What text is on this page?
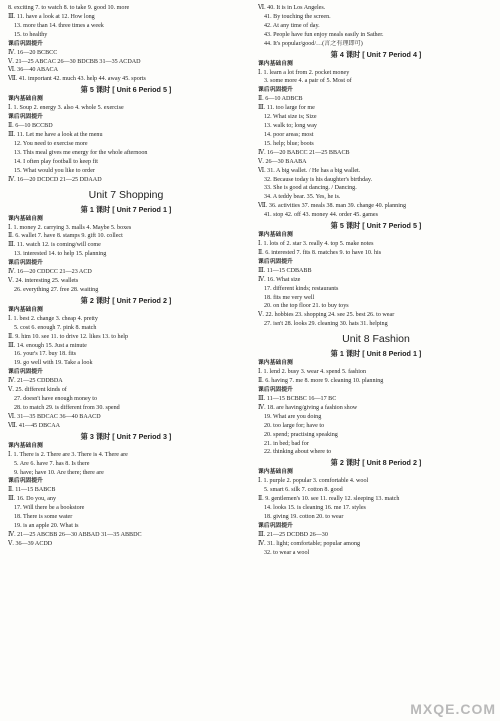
8. exciting 7. to watch 8. to take 9. good 10. more
Ⅲ. 11. have a look at 12. How long
13. more than 14. three times a week
15. to healthy
课后巩固提升
Ⅳ. 16—20 BCBCC
Ⅴ. 21—25 ABCAC 26—30 BDCBB 31—35 ACDAD
Ⅵ. 36—40 ABACA
Ⅶ. 41. important 42. much 43. help 44. away 45. sports
第 5 课时 [ Unit 6 Period 5 ]
课内基础自测
Ⅰ. 1. Soup 2. energy 3. also 4. whole 5. exercise
课后巩固提升
Ⅱ. 6—10 BCCBD
Ⅲ. 11. Let me have a look at the menu
12. You need to exercise more
13. This meal gives me energy for the whole afternoon
14. I often play football to keep fit
15. What would you like to order
Ⅳ. 16—20 DCDCD 21—25 DDAAD
Unit 7 Shopping
第 1 课时 [ Unit 7 Period 1 ]
课内基础自测
Ⅰ. 1. money 2. carrying 3. malls 4. Maybe 5. boxes
Ⅱ. 6. wallet 7. have 8. stamps 9. gift 10. collect
Ⅲ. 11. watch 12. is coming/will come
13. interested 14. to help 15. planning
课后巩固提升
Ⅳ. 16—20 CDDCC 21—23 ACD
Ⅴ. 24. interesting 25. wallets
26. everything 27. free 28. waiting
第 2 课时 [ Unit 7 Period 2 ]
课内基础自测
Ⅰ. 1. best 2. change 3. cheap 4. pretty
5. cost 6. enough 7. pink 8. match
Ⅱ. 9. him 10. see 11. to drive 12. likes 13. to help
Ⅲ. 14. enough 15. Just a minute
16. your's 17. buy 18. fits
19. go well with 19. Take a look
课后巩固提升
Ⅳ. 21—25 CDDBDA
Ⅴ. 25. different kinds of
27. doesn't have enough money to
28. to match 29. is different from 30. spend
Ⅵ. 31—35 BDCAC 36—40 BAACD
Ⅶ. 41—45 DBCAA
第 3 课时 [ Unit 7 Period 3 ]
课内基础自测
Ⅰ. 1. There is 2. There are 3. There is 4. There are
5. Are 6. have 7. has 8. Is there
9. have; have 10. Are there; there are
课后巩固提升
Ⅱ. 11—15 BABCB
Ⅲ. 16. Do you, any
17. Will there be a bookstore
18. There is some water
19. is an apple 20. What is
Ⅳ. 21—25 ABCBB 26—30 ABBAD 31—35 ABBDC
Ⅴ. 36—39 ACDD
Ⅵ. 40. It is in Los Angeles.
41. By touching the screen.
42. At any time of day.
43. People have fun enjoy meals easily in Sather.
44. It's popular/good/…(言之有理即可)
第 4 课时 [ Unit 7 Period 4 ]
课内基础自测
Ⅰ. 1. learn a lot from 2. pocket money
3. some more 4. a pair of 5. Most of
课后巩固提升
Ⅱ. 6—10 ADBCB
Ⅲ. 11. too large for me
12. What size is; Size
13. walk to; long way
14. poor areas; most
15. help; blue; boots
Ⅳ. 16—20 BABCC 21—25 BBACB
Ⅴ. 26—30 BAABA
Ⅵ. 31. A big wallet. / He has a big wallet.
32. Because today is his daughter's birthday.
33. She is good at dancing. / Dancing.
34. A teddy bear. 35. Yes, he is.
Ⅶ. 36. activities 37. meals 38. man 39. change 40. planning
41. stop 42. off 43. money 44. order 45. games
第 5 课时 [ Unit 7 Period 5 ]
课内基础自测
Ⅰ. 1. lots of 2. star 3. really 4. top 5. make notes
Ⅱ. 6. interested 7. fits 8. matches 9. to have 10. his
课后巩固提升
Ⅲ. 11—15 CDBABB
Ⅳ. 16. What size
17. different kinds; restaurants
18. fits me very well
20. on the top floor 21. to buy toys
Ⅴ. 22. hobbies 23. shopping 24. see 25. best 26. to wear
27. isn't 28. looks 29. cleaning 30. hats 31. helping
Unit 8 Fashion
第 1 课时 [ Unit 8 Period 1 ]
课内基础自测
Ⅰ. 1. lend 2. busy 3. wear 4. spend 5. fashion
Ⅱ. 6. having 7. me 8. more 9. cleaning 10. planning
课后巩固提升
Ⅲ. 11—15 BCBBC 16—17 BC
Ⅳ. 18. are having/giving a fashion show
19. What are you doing
20. too large for; have to
20. spend; practising speaking
21. in bed; bad for
22. thinking about where to
第 2 课时 [ Unit 8 Period 2 ]
课内基础自测
Ⅰ. 1. purple 2. popular 3. comfortable 4. wool
5. smart 6. silk 7. cotton 8. good
Ⅱ. 9. gentlemen's 10. see 11. really 12. sleeping 13. match
14. looks 15. is cleaning 16. me 17. styles
18. giving 19. cotton 20. to wear
课后巩固提升
Ⅲ. 21—25 DCDBD 26—30
Ⅳ. 31. light; comfortable; popular among
32. to wear a wool
MXQE.COM
